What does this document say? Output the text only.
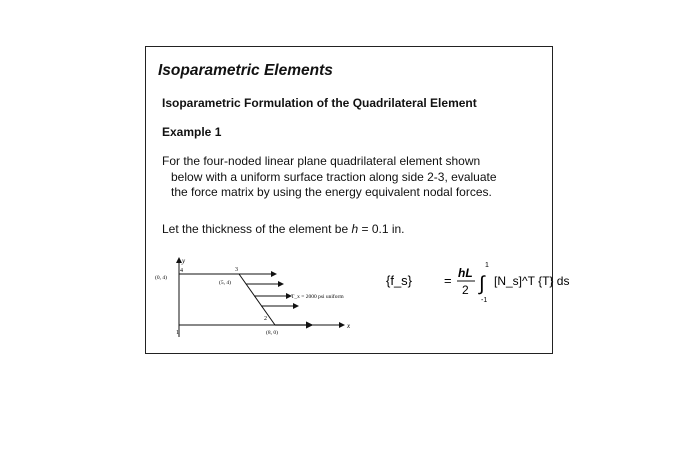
Isoparametric Elements
Isoparametric Formulation of the Quadrilateral Element
Example 1
For the four-noded linear plane quadrilateral element shown
below with a uniform surface traction along side 2-3, evaluate
the force matrix by using the energy equivalent nodal forces.
Let the thickness of the element be h = 0.1 in.
y
x
(0, 4)
4	3
(5, 4)
T_x = 2000 psi uniform
2
(8, 0)
1
{f_s} = hL
2 ∫
1
-1
[N_s]^T {T} ds
